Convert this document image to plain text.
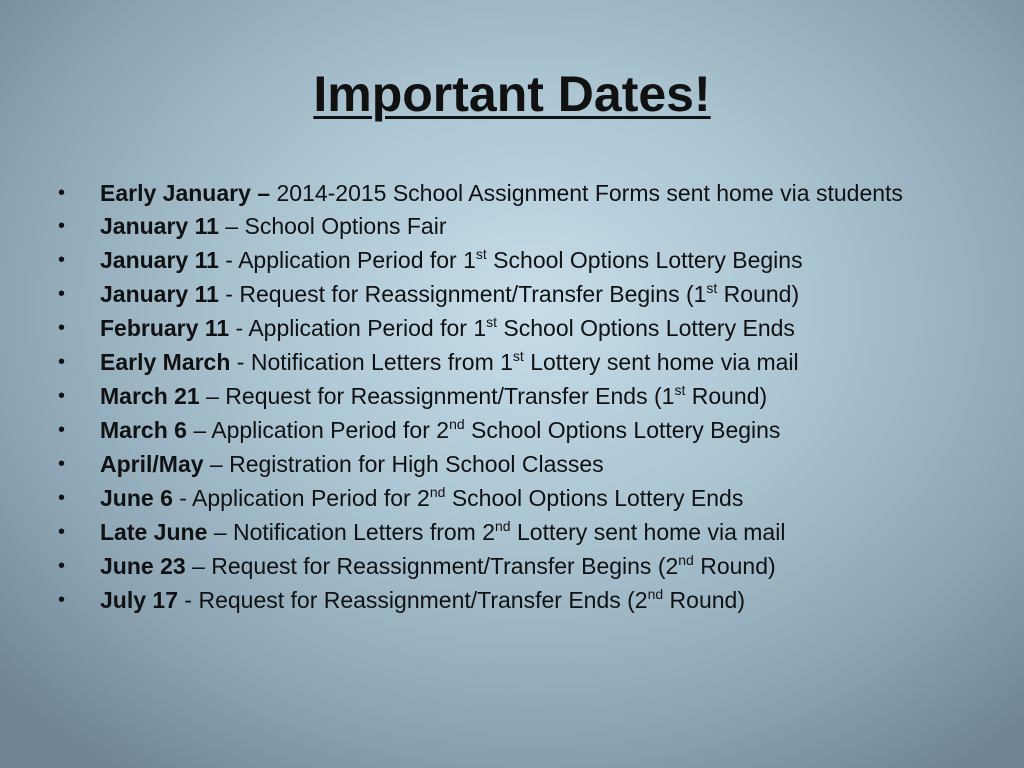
Important Dates!
• Early January – 2014-2015 School Assignment Forms sent home via students
• January 11 – School Options Fair
• January 11 - Application Period for 1st School Options Lottery Begins
• January 11 - Request for Reassignment/Transfer Begins (1st Round)
• February 11 - Application Period for 1st School Options Lottery Ends
• Early March - Notification Letters from 1st Lottery sent home via mail
• March 21 – Request for Reassignment/Transfer Ends (1st Round)
• March 6 – Application Period for 2nd School Options Lottery Begins
• April/May – Registration for High School Classes
• June 6 - Application Period for 2nd School Options Lottery Ends
• Late June – Notification Letters from 2nd Lottery sent home via mail
• June 23 – Request for Reassignment/Transfer Begins (2nd Round)
• July 17 - Request for Reassignment/Transfer Ends (2nd Round)
